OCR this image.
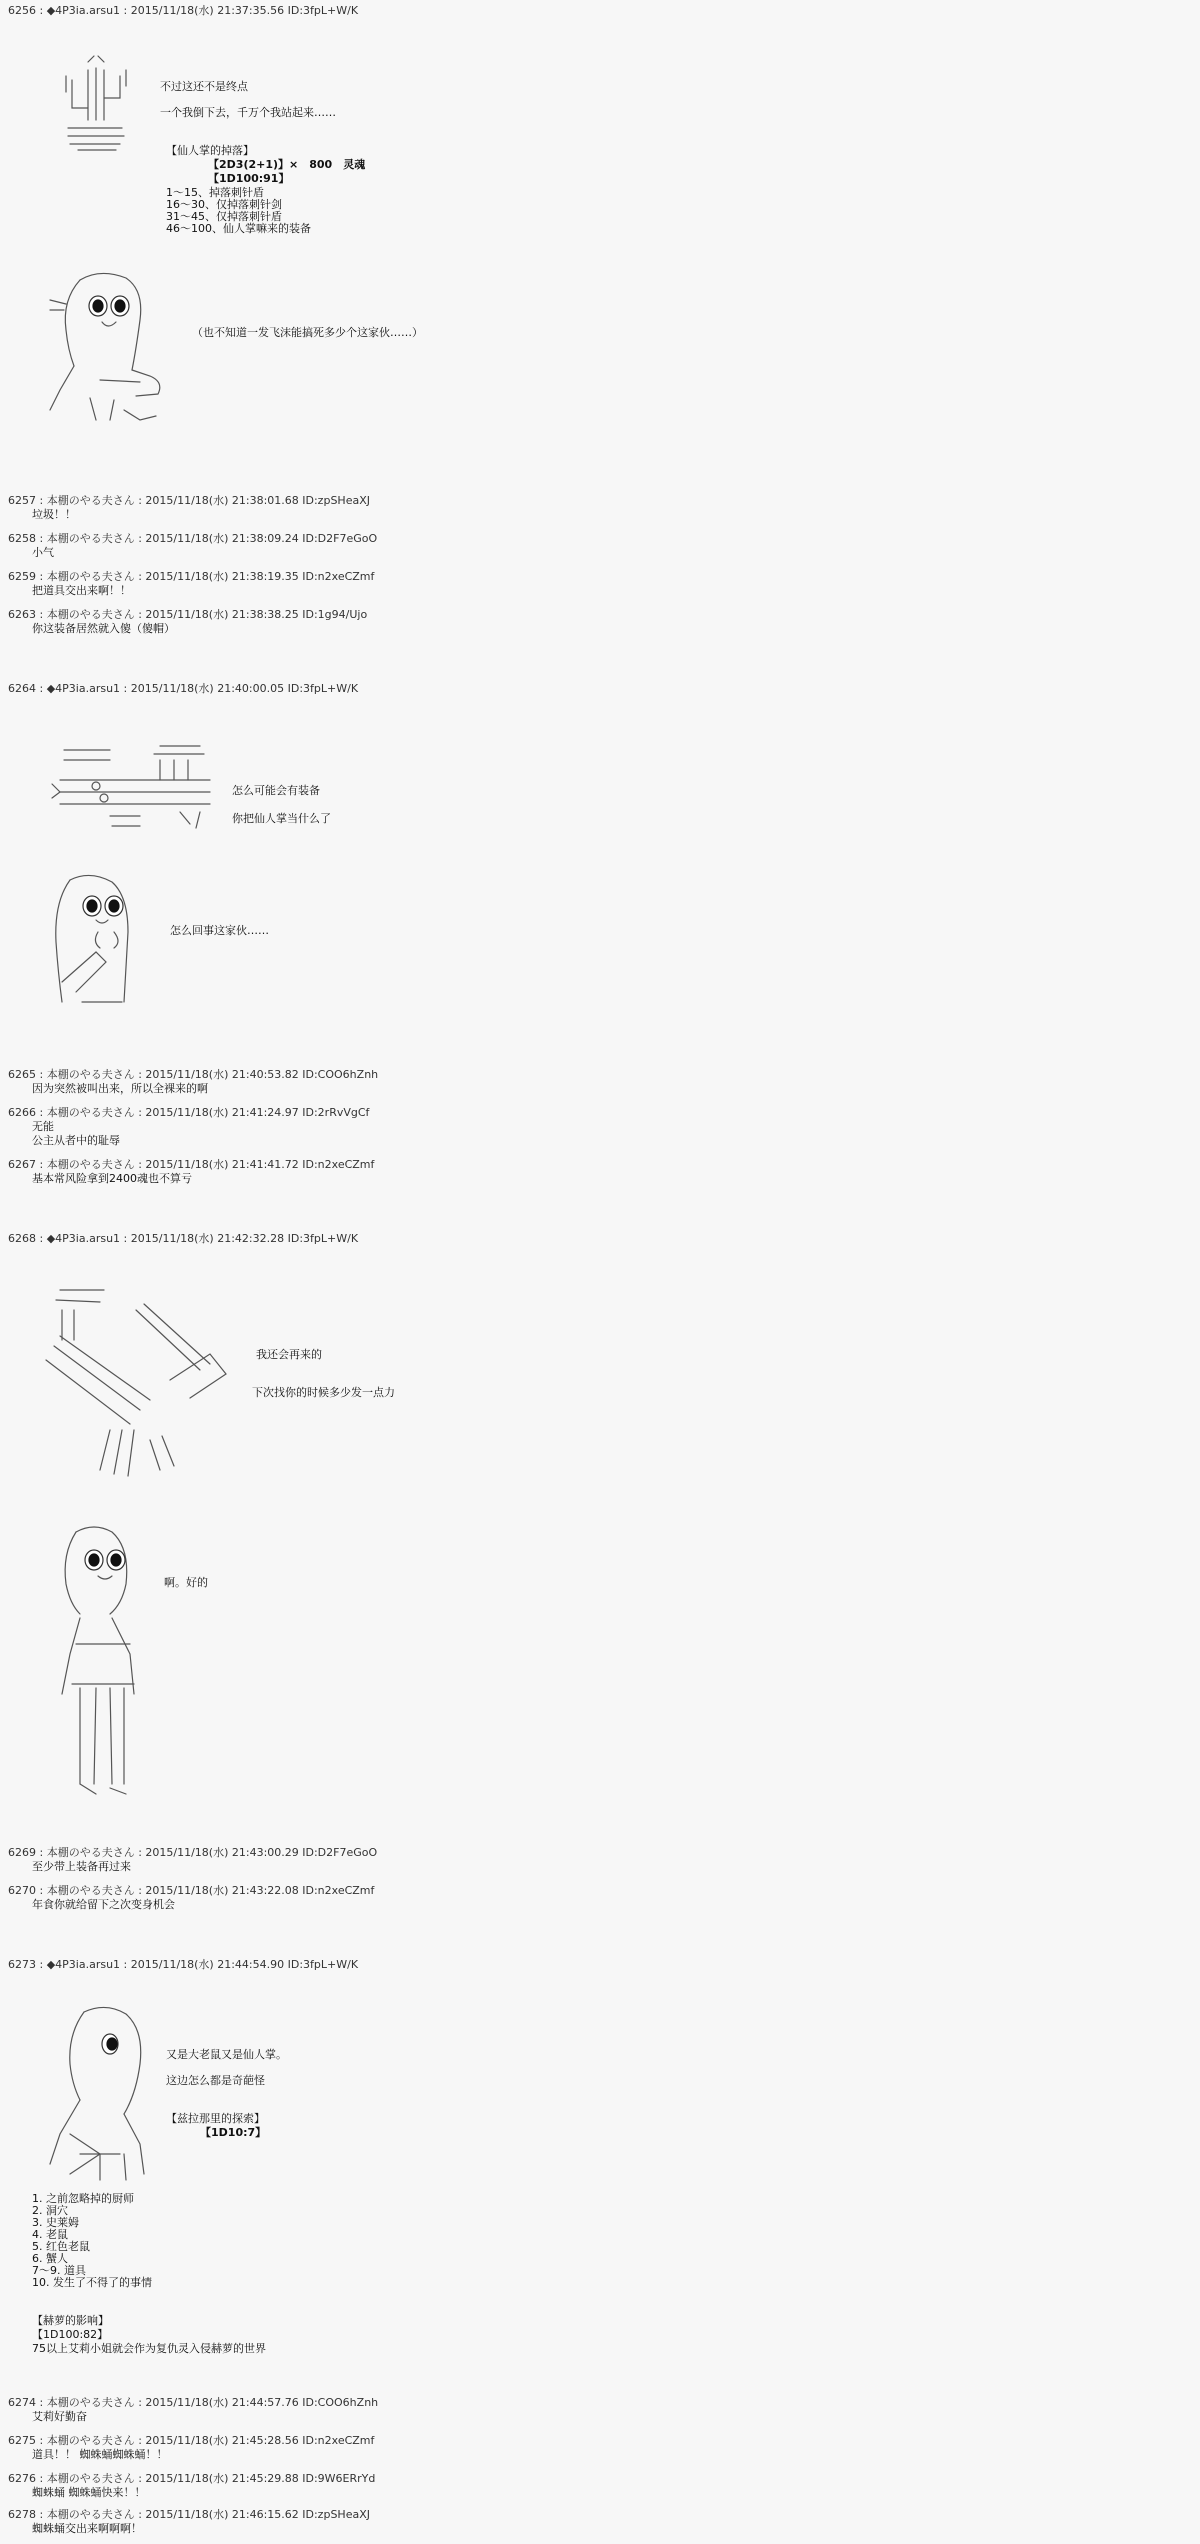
6256 : ◆4P3ia.arsu1 : 2015/11/18(水) 21:37:35.56 ID:3fpL+W/K
不过这还不是终点
一个我倒下去，千万个我站起来……
【仙人掌的掉落】
【2D3(2+1)】×　800　灵魂
【1D100:91】
1～15、掉落刺针盾
16～30、仅掉落刺针剑
31～45、仅掉落刺针盾
46～100、仙人掌嘛来的装备
（也不知道一发飞沫能搞死多少个这家伙……）
6257 : 本棚のやる夫さん : 2015/11/18(水) 21:38:01.68 ID:zpSHeaXJ
垃圾！！
6258 : 本棚のやる夫さん : 2015/11/18(水) 21:38:09.24 ID:D2F7eGoO
小气
6259 : 本棚のやる夫さん : 2015/11/18(水) 21:38:19.35 ID:n2xeCZmf
把道具交出来啊！！
6263 : 本棚のやる夫さん : 2015/11/18(水) 21:38:38.25 ID:1g94/Ujo
你这装备居然就入傻（傻帽）
6264 : ◆4P3ia.arsu1 : 2015/11/18(水) 21:40:00.05 ID:3fpL+W/K
怎么可能会有装备
你把仙人掌当什么了
怎么回事这家伙……
6265 : 本棚のやる夫さん : 2015/11/18(水) 21:40:53.82 ID:COO6hZnh
因为突然被叫出来，所以全裸来的啊
6266 : 本棚のやる夫さん : 2015/11/18(水) 21:41:24.97 ID:2rRvVgCf
无能
公主从者中的耻辱
6267 : 本棚のやる夫さん : 2015/11/18(水) 21:41:41.72 ID:n2xeCZmf
基本常风险拿到2400魂也不算亏
6268 : ◆4P3ia.arsu1 : 2015/11/18(水) 21:42:32.28 ID:3fpL+W/K
我还会再来的
下次找你的时候多少发一点力
啊。好的
6269 : 本棚のやる夫さん : 2015/11/18(水) 21:43:00.29 ID:D2F7eGoO
至少带上装备再过来
6270 : 本棚のやる夫さん : 2015/11/18(水) 21:43:22.08 ID:n2xeCZmf
年食你就给留下之次变身机会
6273 : ◆4P3ia.arsu1 : 2015/11/18(水) 21:44:54.90 ID:3fpL+W/K
又是大老鼠又是仙人掌。
这边怎么都是奇葩怪
【兹拉那里的探索】
【1D10:7】
1. 之前忽略掉的厨师
2. 洞穴
3. 史莱姆
4. 老鼠
5. 红色老鼠
6. 蟹人
7～9. 道具
10. 发生了不得了的事情
【赫萝的影响】
【1D100:82】
75以上艾莉小姐就会作为复仇灵入侵赫萝的世界
6274 : 本棚のやる夫さん : 2015/11/18(水) 21:44:57.76 ID:COO6hZnh
艾莉好勤奋
6275 : 本棚のやる夫さん : 2015/11/18(水) 21:45:28.56 ID:n2xeCZmf
道具！！ 蜘蛛蛹蜘蛛蛹！！
6276 : 本棚のやる夫さん : 2015/11/18(水) 21:45:29.88 ID:9W6ERrYd
蜘蛛蛹 蜘蛛蛹快来！！
6278 : 本棚のやる夫さん : 2015/11/18(水) 21:46:15.62 ID:zpSHeaXJ
蜘蛛蛹交出来啊啊啊！
